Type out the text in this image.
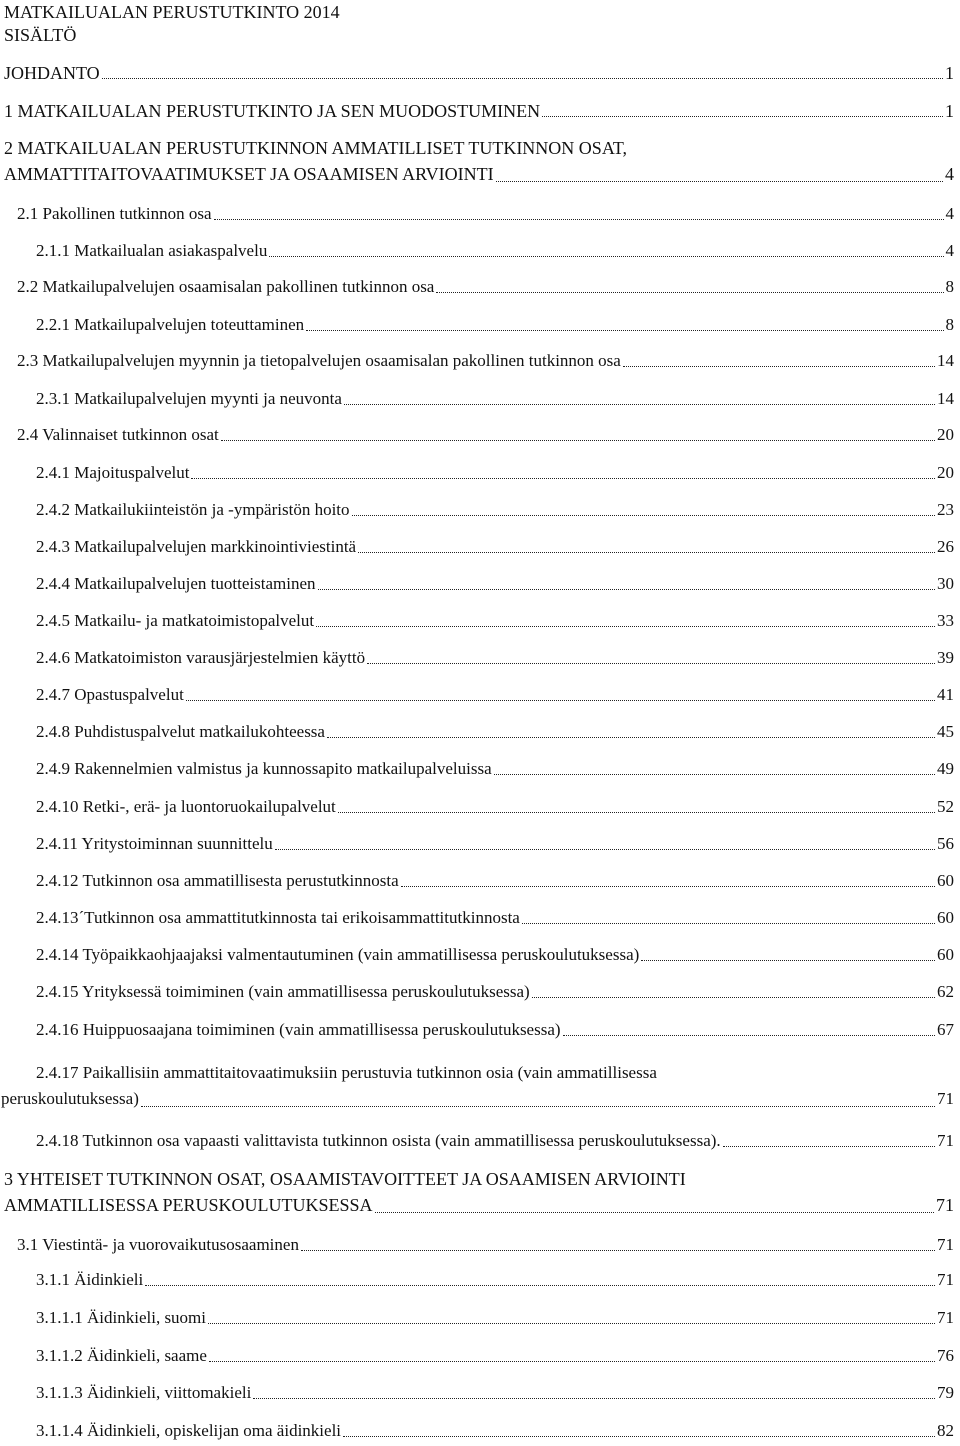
MATKAILUALAN PERUSTUTKINTO 2014
SISÄLTÖ
JOHDANTO	1
1 MATKAILUALAN PERUSTUTKINTO JA SEN MUODOSTUMINEN	1
2 MATKAILUALAN PERUSTUTKINNON AMMATILLISET TUTKINNON OSAT,
AMMATTITAITOVAATIMUKSET JA OSAAMISEN ARVIOINTI	4
2.1 Pakollinen tutkinnon osa	4
2.1.1 Matkailualan asiakaspalvelu	4
2.2 Matkailupalvelujen osaamisalan pakollinen tutkinnon osa	8
2.2.1 Matkailupalvelujen toteuttaminen	8
2.3 Matkailupalvelujen myynnin ja tietopalvelujen osaamisalan pakollinen tutkinnon osa	14
2.3.1 Matkailupalvelujen myynti ja neuvonta	14
2.4 Valinnaiset tutkinnon osat	20
2.4.1 Majoituspalvelut	20
2.4.2 Matkailukiinteistön ja -ympäristön hoito	23
2.4.3 Matkailupalvelujen markkinointiviestintä	26
2.4.4 Matkailupalvelujen tuotteistaminen	30
2.4.5 Matkailu- ja matkatoimistopalvelut	33
2.4.6 Matkatoimiston varausjärjestelmien käyttö	39
2.4.7 Opastuspalvelut	41
2.4.8 Puhdistuspalvelut matkailukohteessa	45
2.4.9 Rakennelmien valmistus ja kunnossapito matkailupalveluissa	49
2.4.10 Retki-, erä- ja luontoruokailupalvelut	52
2.4.11 Yritystoiminnan suunnittelu	56
2.4.12 Tutkinnon osa ammatillisesta perustutkinnosta	60
2.4.13´Tutkinnon osa ammattitutkinnosta tai erikoisammattitutkinnosta	60
2.4.14 Työpaikkaohjaajaksi valmentautuminen (vain ammatillisessa peruskoulutuksessa)	60
2.4.15 Yrityksessä toimiminen (vain ammatillisessa peruskoulutuksessa)	62
2.4.16 Huippuosaajana toimiminen (vain ammatillisessa peruskoulutuksessa)	67
2.4.17 Paikallisiin ammattitaitovaatimuksiin perustuvia tutkinnon osia (vain ammatillisessa
peruskoulutuksessa)	71
2.4.18 Tutkinnon osa vapaasti valittavista tutkinnon osista (vain ammatillisessa peruskoulutuksessa).	71
3 YHTEISET TUTKINNON OSAT, OSAAMISTAVOITTEET JA OSAAMISEN ARVIOINTI
AMMATILLISESSA PERUSKOULUTUKSESSA	71
3.1 Viestintä- ja vuorovaikutusosaaminen	71
3.1.1 Äidinkieli	71
3.1.1.1 Äidinkieli, suomi	71
3.1.1.2 Äidinkieli, saame	76
3.1.1.3 Äidinkieli, viittomakieli	79
3.1.1.4 Äidinkieli, opiskelijan oma äidinkieli	82
